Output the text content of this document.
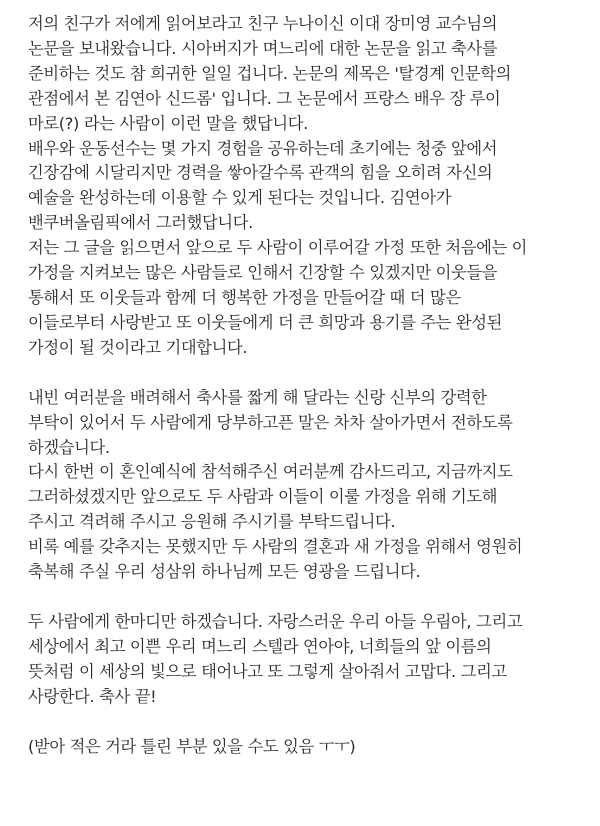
저의 친구가 저에게 읽어보라고 친구 누나이신 이대 장미영 교수님의
논문을 보내왔습니다. 시아버지가 며느리에 대한 논문을 읽고 축사를
준비하는 것도 참 희귀한 일일 겁니다. 논문의 제목은 '탈경계 인문학의
관점에서 본 김연아 신드롬' 입니다. 그 논문에서 프랑스 배우 장 루이
마로(?) 라는 사람이 이런 말을 했답니다.
배우와 운동선수는 몇 가지 경험을 공유하는데 초기에는 청중 앞에서
긴장감에 시달리지만 경력을 쌓아갈수록 관객의 힘을 오히려 자신의
예술을 완성하는데 이용할 수 있게 된다는 것입니다. 김연아가
밴쿠버올림픽에서 그러했답니다.
저는 그 글을 읽으면서 앞으로 두 사람이 이루어갈 가정 또한 처음에는 이
가정을 지켜보는 많은 사람들로 인해서 긴장할 수 있겠지만 이웃들을
통해서 또 이웃들과 함께 더 행복한 가정을 만들어갈 때 더 많은
이들로부터 사랑받고 또 이웃들에게 더 큰 희망과 용기를 주는 완성된
가정이 될 것이라고 기대합니다.
내빈 여러분을 배려해서 축사를 짧게 해 달라는 신랑 신부의 강력한
부탁이 있어서 두 사람에게 당부하고픈 말은 차차 살아가면서 전하도록
하겠습니다.
다시 한번 이 혼인예식에 참석해주신 여러분께 감사드리고, 지금까지도
그러하셨겠지만 앞으로도 두 사람과 이들이 이룰 가정을 위해 기도해
주시고 격려해 주시고 응원해 주시기를 부탁드립니다.
비록 예를 갖추지는 못했지만 두 사람의 결혼과 새 가정을 위해서 영원히
축복해 주실 우리 성삼위 하나님께 모든 영광을 드립니다.
두 사람에게 한마디만 하겠습니다. 자랑스러운 우리 아들 우림아, 그리고
세상에서 최고 이쁜 우리 며느리 스텔라 연아야, 너희들의 앞 이름의
뜻처럼 이 세상의 빛으로 태어나고 또 그렇게 살아줘서 고맙다. 그리고
사랑한다. 축사 끝!
(받아 적은 거라 틀린 부분 있을 수도 있음 ㅜㅜ)
